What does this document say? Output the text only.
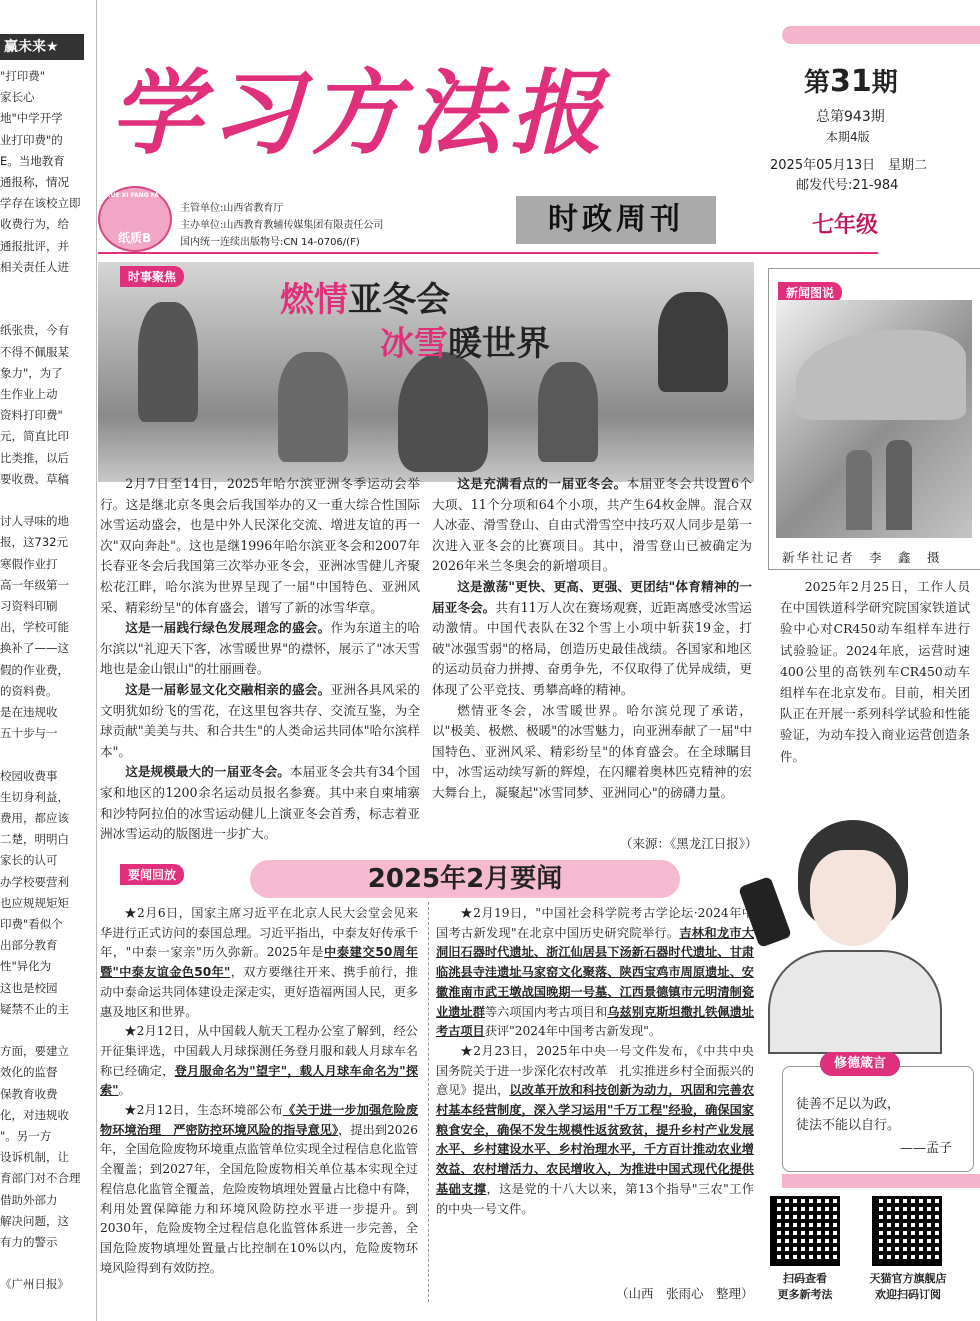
赢未来★
"打印费"
家长心
地"中学开学
业打印费"的
E。当地教育
通报称，情况
学存在该校立即
收费行为，给
通报批评，并
相关责任人进
纸张贵，今有
不得不佩服某
象力"，为了
生作业上动
资料打印费"
元，简直比印
比类推，以后
要收费、草稿
讨人寻味的地
报，这732元
寒假作业打
高一年级第一
习资料印刷
出，学校可能
换补了——这
假的作业费，
的资料费。
是在违规收
五十步与一
校园收费事
生切身利益，
费用，都应该
二楚，明明白
家长的认可
办学校要营利
也应规规矩矩
印费"看似个
出部分教育
性"异化为
这也是校园
疑禁不止的主
方面，要建立
效化的监督
保教育收费
化，对违规收
"。另一方
设诉机制，让
育部门对不合理
借助外部力
解决问题，这
有力的警示
《广州日报》
学习方法报	第31期
总第943期
本期4版
2025年05月13日　星期二
邮发代号:21-984
XUE XI FANG FA BAO
纸质B
主管单位:山西省教育厅
主办单位:山西教育教辅传媒集团有限责任公司
国内统一连续出版物号:CN 14-0706/(F)
时政周刊	七年级
时事聚焦
燃情亚冬会
冰雪暖世界

2月7日至14日，2025年哈尔滨亚洲冬季运动会举行。这是继北京冬奥会后我国举办的又一重大综合性国际冰雪运动盛会，也是中外人民深化交流、增进友谊的再一次"双向奔赴"。这也是继1996年哈尔滨亚冬会和2007年长春亚冬会后我国第三次举办亚冬会，亚洲冰雪健儿齐聚松花江畔，哈尔滨为世界呈现了一届"中国特色、亚洲风采、精彩纷呈"的体育盛会，谱写了新的冰雪华章。

这是一届践行绿色发展理念的盛会。作为东道主的哈尔滨以"礼迎天下客，冰雪暖世界"的襟怀，展示了"冰天雪地也是金山银山"的壮丽画卷。

这是一届彰显文化交融相亲的盛会。亚洲各具风采的文明犹如纷飞的雪花，在这里包容共存、交流互鉴，为全球贡献"美美与共、和合共生"的人类命运共同体"哈尔滨样本"。

这是规模最大的一届亚冬会。本届亚冬会共有34个国家和地区的1200余名运动员报名参赛。其中来自柬埔寨和沙特阿拉伯的冰雪运动健儿上演亚冬会首秀，标志着亚洲冰雪运动的版图进一步扩大。

这是充满看点的一届亚冬会。本届亚冬会共设置6个大项、11个分项和64个小项，共产生64枚金牌。混合双人冰壶、滑雪登山、自由式滑雪空中技巧双人同步是第一次进入亚冬会的比赛项目。其中，滑雪登山已被确定为2026年米兰冬奥会的新增项目。

这是激荡"更快、更高、更强、更团结"体育精神的一届亚冬会。共有11万人次在赛场观赛，近距离感受冰雪运动激情。中国代表队在32个雪上小项中斩获19金，打破"冰强雪弱"的格局，创造历史最佳战绩。各国家和地区的运动员奋力拼搏、奋勇争先，不仅取得了优异成绩，更体现了公平竞技、勇攀高峰的精神。

燃情亚冬会，冰雪暖世界。哈尔滨兑现了承诺，以"极美、极燃、极暖"的冰雪魅力，向亚洲奉献了一届"中国特色、亚洲风采、精彩纷呈"的体育盛会。在全球瞩目中，冰雪运动续写新的辉煌，在闪耀着奥林匹克精神的宏大舞台上，凝聚起"冰雪同梦、亚洲同心"的磅礴力量。

（来源：《黑龙江日报》）
新闻图说
新华社记者　李　鑫　摄

2025年2月25日，工作人员在中国铁道科学研究院国家铁道试验中心对CR450动车组样车进行试验验证。2024年底，运营时速400公里的高铁列车CR450动车组样车在北京发布。目前，相关团队正在开展一系列科学试验和性能验证，为动车投入商业运营创造条件。

要闻回放	2025年2月要闻

★2月6日，国家主席习近平在北京人民大会堂会见来华进行正式访问的泰国总理。习近平指出，中泰友好传承千年，"中泰一家亲"历久弥新。2025年是中泰建交50周年暨"中泰友谊金色50年"，双方要继往开来、携手前行，推动中泰命运共同体建设走深走实，更好造福两国人民，更多惠及地区和世界。

★2月12日，从中国载人航天工程办公室了解到，经公开征集评选，中国载人月球探测任务登月服和载人月球车名称已经确定，登月服命名为"望宇"，载人月球车命名为"探索"。

★2月12日，生态环境部公布《关于进一步加强危险废物环境治理　严密防控环境风险的指导意见》，提出到2026年，全国危险废物环境重点监管单位实现全过程信息化监管全覆盖；到2027年，全国危险废物相关单位基本实现全过程信息化监管全覆盖，危险废物填埋处置量占比稳中有降，利用处置保障能力和环境风险防控水平进一步提升。到2030年，危险废物全过程信息化监管体系进一步完善，全国危险废物填埋处置量占比控制在10%以内，危险废物环境风险得到有效防控。

★2月19日，"中国社会科学院考古学论坛·2024年中国考古新发现"在北京中国历史研究院举行。吉林和龙市大洞旧石器时代遗址、浙江仙居县下汤新石器时代遗址、甘肃临洮县寺洼遗址马家窑文化聚落、陕西宝鸡市周原遗址、安徽淮南市武王墩战国晚期一号墓、江西景德镇市元明清制瓷业遗址群等六项国内考古项目和乌兹别克斯坦撒扎铁佩遗址考古项目获评"2024年中国考古新发现"。

★2月23日，2025年中央一号文件发布，《中共中央　国务院关于进一步深化农村改革　扎实推进乡村全面振兴的意见》提出，以改革开放和科技创新为动力，巩固和完善农村基本经营制度，深入学习运用"千万工程"经验，确保国家粮食安全，确保不发生规模性返贫致贫，提升乡村产业发展水平、乡村建设水平、乡村治理水平，千方百计推动农业增效益、农村增活力、农民增收入，为推进中国式现代化提供基础支撑，这是党的十八大以来，第13个指导"三农"工作的中央一号文件。

（山西　张雨心　整理）
修德箴言
徒善不足以为政，
徒法不能以自行。
——孟子
扫码查看
更多新考法
天猫官方旗舰店
欢迎扫码订阅
